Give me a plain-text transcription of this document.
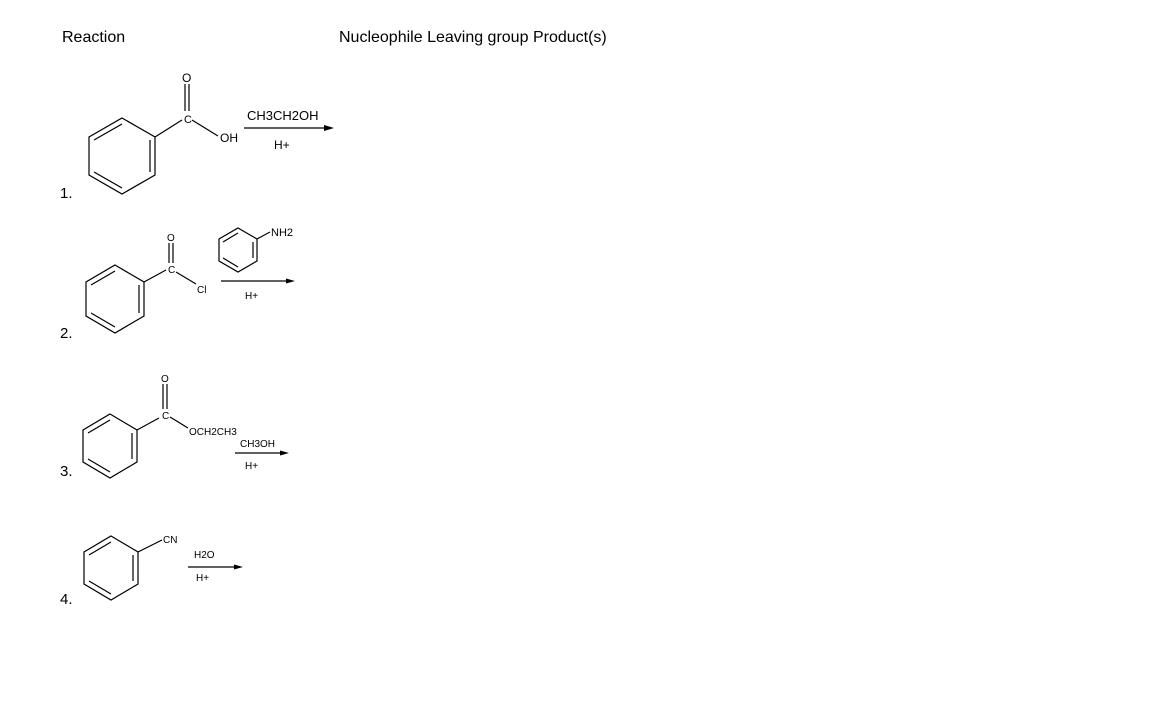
Reaction	Nucleophile Leaving group Product(s)
1.
2.
3.
4.
O
C
OH
CH3CH2OH
H+
O
C
Cl
NH2
H+
O
C
OCH2CH3
CH3OH
H+
CN
H2O
H+
